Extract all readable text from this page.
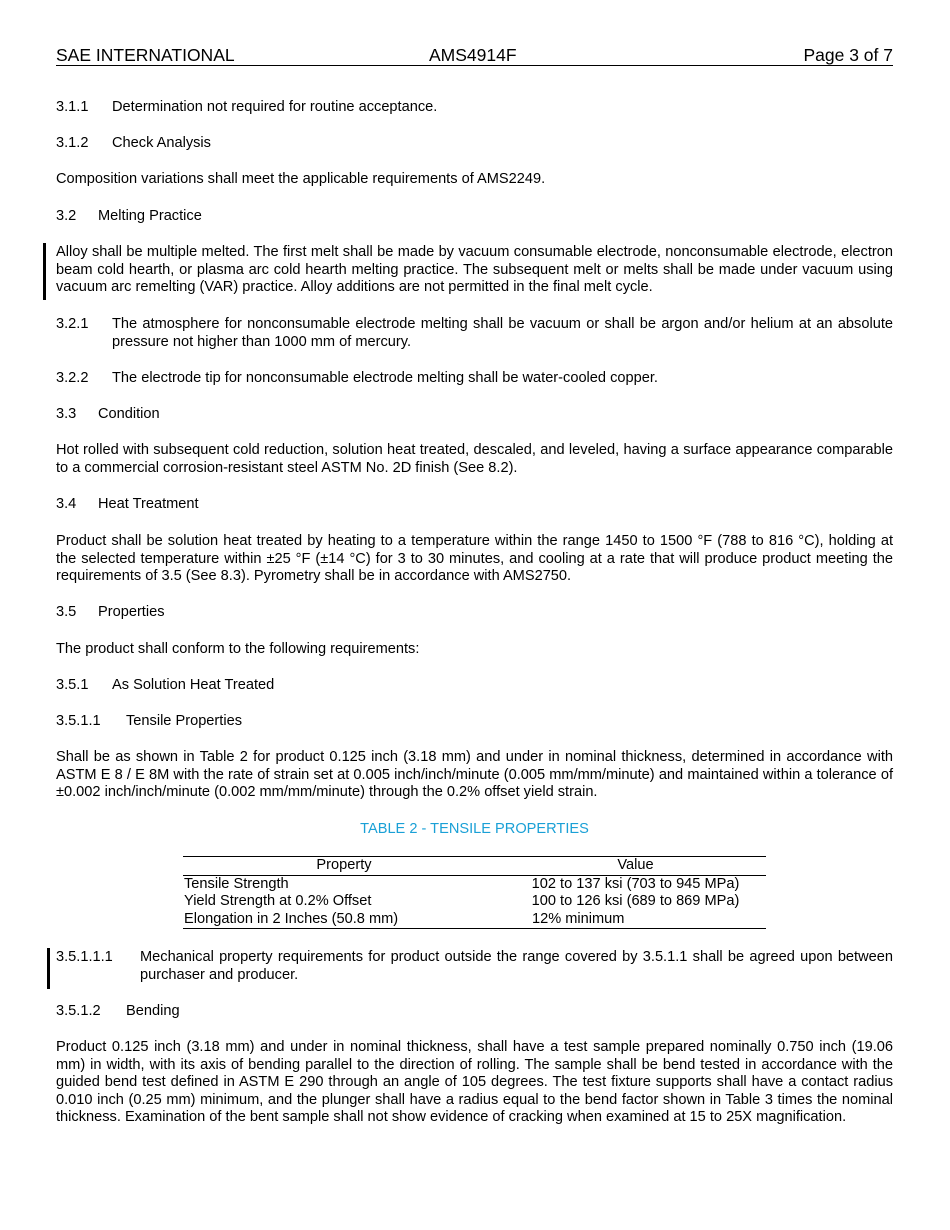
SAE INTERNATIONAL	AMS4914F	Page 3 of 7
3.1.1 Determination not required for routine acceptance.
3.1.2 Check Analysis
Composition variations shall meet the applicable requirements of AMS2249.
3.2 Melting Practice
Alloy shall be multiple melted. The first melt shall be made by vacuum consumable electrode, nonconsumable electrode, electron beam cold hearth, or plasma arc cold hearth melting practice. The subsequent melt or melts shall be made under vacuum using vacuum arc remelting (VAR) practice. Alloy additions are not permitted in the final melt cycle.
3.2.1 The atmosphere for nonconsumable electrode melting shall be vacuum or shall be argon and/or helium at an absolute pressure not higher than 1000 mm of mercury.
3.2.2 The electrode tip for nonconsumable electrode melting shall be water-cooled copper.
3.3 Condition
Hot rolled with subsequent cold reduction, solution heat treated, descaled, and leveled, having a surface appearance comparable to a commercial corrosion-resistant steel ASTM No. 2D finish (See 8.2).
3.4 Heat Treatment
Product shall be solution heat treated by heating to a temperature within the range 1450 to 1500 °F (788 to 816 °C), holding at the selected temperature within ±25 °F (±14 °C) for 3 to 30 minutes, and cooling at a rate that will produce product meeting the requirements of 3.5 (See 8.3). Pyrometry shall be in accordance with AMS2750.
3.5 Properties
The product shall conform to the following requirements:
3.5.1 As Solution Heat Treated
3.5.1.1 Tensile Properties
Shall be as shown in Table 2 for product 0.125 inch (3.18 mm) and under in nominal thickness, determined in accordance with ASTM E 8 / E 8M with the rate of strain set at 0.005 inch/inch/minute (0.005 mm/mm/minute) and maintained within a tolerance of ±0.002 inch/inch/minute (0.002 mm/mm/minute) through the 0.2% offset yield strain.
TABLE 2 - TENSILE PROPERTIES
Property	Value
Tensile Strength	102 to 137 ksi (703 to 945 MPa)
Yield Strength at 0.2% Offset	100 to 126 ksi (689 to 869 MPa)
Elongation in 2 Inches (50.8 mm)	12% minimum
3.5.1.1.1 Mechanical property requirements for product outside the range covered by 3.5.1.1 shall be agreed upon between purchaser and producer.
3.5.1.2 Bending
Product 0.125 inch (3.18 mm) and under in nominal thickness, shall have a test sample prepared nominally 0.750 inch (19.06 mm) in width, with its axis of bending parallel to the direction of rolling. The sample shall be bend tested in accordance with the guided bend test defined in ASTM E 290 through an angle of 105 degrees. The test fixture supports shall have a contact radius 0.010 inch (0.25 mm) minimum, and the plunger shall have a radius equal to the bend factor shown in Table 3 times the nominal thickness. Examination of the bent sample shall not show evidence of cracking when examined at 15 to 25X magnification.
